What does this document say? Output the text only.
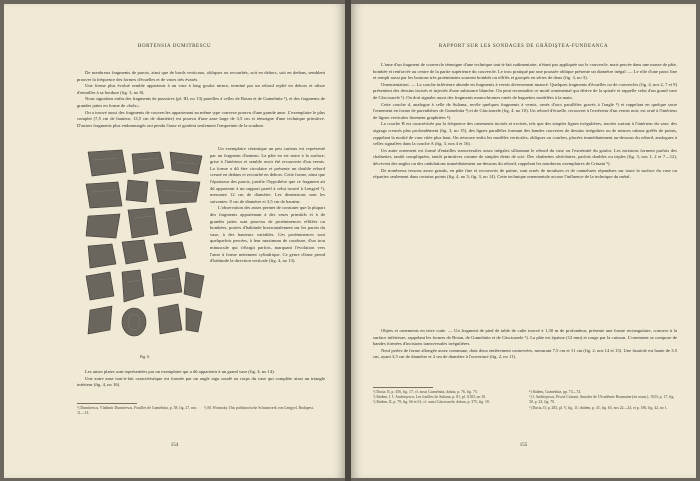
HORTENSIA DUMITRESCU

De nombreux fragments de parois, ainsi que de bords verticaux, obliques ou recourbés, soit en dehors, soit en dedans, semblent prouver la fréquence des formes d'écuelles et de vases très évasés.

Une forme plus évolué semble appartenir à un vase à long goulot mince, terminé par un rebord replié en dehors et ulisse d'entailles à sa bordure (fig. 3, no 8).

Nous signalons enfin des fragments de passoires (pl. III, no 13) pareilles à celles de Botan et de Gumelnita ¹), et des fragments de grandes jattes en forme de «bols».

On a trouvé aussi des fragments de couvercles appartenant au même type convexe pourvu d'une grande anse. L'exemplaire le plus complet (7,5 cm de hauteur, 13,5 cm de diamètre) est pourvu d'une anse large de 3,5 cm et témoigne d'une technique primitive. D'autres fragments plus endommagés ont pendu l'anse et gardent seulement l'empreinte de la soudure.

Fig. 6.

Un exemplaire céramique un peu curieux est représenté par un fragment d'anneau. La pâte en est noire à la surface, grise à l'intérieur et semble avoir été recouverte d'un vernis. La forme a dû être circulaire et présente un double rebord creusé en dedans et recourbé en dehors. Cette forme, ainsi que l'épaisseur des parois, justifie l'hypothèse que ce fragment ait dû appartenir à un support pareil à celui trouvé à Lengyel ²), mesurant 12 cm de diamètre. Les dimensions sont les suivantes: 8 cm de diamètre et 3,5 cm de hauteur.

L'observation des anses permet de constater que la plupart des fragments appartenant à des vases primitifs et à de grandes jattes sont pourvus de proéminences effilées ou bombées, posées d'habitude horizontalement sur les parois du vase, à des hauteurs variables. Ces proéminences sont quelquefois percées, à leur maximum de courbure, d'un trou minuscule qui s'élargit parfois, marquant l'évolution vers l'anse à forme nettement cylindrique. Ce genre d'anse prend d'habitude la direction verticale (fig. 4, no 13).

Les anses plates sont représentées par un exemplaire qui a dû appartenir à un grand vase (fig. 4, no 14).

Une autre anse tout-à-fait caractéristique est formée par un angle aigu soudé au corps du vase qui complète ainsi un triangle intérieur (fig. 4, no 16).

¹) Dumitrescu, Vladimir Dumitrescu, Fouilles de Gumelnita, p. 58, fig. 27, nos 11—13.
²) M. Wosinsky, Das prähistorische Schanzwerk von Lengyel, Budapest.
154
RAPPORT SUR LES SONDAGES DE GRĂDIŞTEA-FUNDEANCA

L'anse d'un fragment de couvercle témoigne d'une technique tout-à-fait rudimentaire, n'étant pas appliquée sur le couvercle, mais percée dans une masse de pâte, bombée et renforcée au centre de la partie supérieure du couvercle. Le trou pratiqué par une poussée oblique présente un diamètre inégal. — Le rôle d'une paroi fine et rempli aussi par les boutons très proéminents souvent bombés ou effilés et groupés en séries de deux (fig. 3, no 3).

Ornementation. — La couche inférieure abonde en fragments à vernis diversement nuancé. Quelques fragments d'écuelles ou de couvercles (fig. 4, nos 2, 7 et 9) présentent des dessins incisés et injectés d'une substance blanche. On peut reconnaître ce motif ornemental qui dérive de la spirale et rappelle celui d'un grand vase de Căscioarele ¹). On doit signaler aussi des fragments monochromes ornés de baguettes modelées à la main.

Cette couche d, analogue à celle de Sultana, recèle quelques fragments à vernis, ornés d'arcs parallèles gravés à l'ongle ²) et rappelant en quelque sorte l'ornement en forme de parenthèses de Gumelnita ³) et de Căscioarele (fig. 4, no 10). Un rebord d'écuelle, recouvert à l'extérieur d'un vernis noir, est orné à l'intérieur de lignes verticales finement graphitées ⁴).

La couche B est caractérisée par la fréquence des ornements incisés et excisés, tels que des simples lignes irrégulières, tracées surtout à l'intérieur du vase, des zigzags creusés plus profondément (fig. 3, no 15), des lignes parallèles formant des bandes couvertes de dessins irréguliers ou de minces rubans gréfés de points, rappelant la moitié de vase citée plus haut. On retrouve enfin les modèles verticales, obliques ou courbes, placées immédiatement au-dessous du rebord, analogues à celles signalées dans la couche A (fig. 3, nos 4 et 16).

Un autre ornement est formé d'entailles transversales assez inégales sillonnant le rebord du vase ou l'extrémité du goulot. Les incisions forment parfois des chaînettes, tantôt compliquées, tantôt primitives comme de simples dents de scie. Des chaînettes alvéolaires, parfois doubles ou triples (fig. 3, nos 1, 2 et 7—12), décrivent des angles ou des ondulations immédiatement au-dessous du rebord, rappelant les nombreux exemplaires de Crăsani ⁵).

De nombreux tessons assez grands, en pâte fine et recouverts de patine, sont ornés de moulures et de cannelures répandues sur toute la surface du vase ou réparties seulement dans certains points (fig. 4, no 3; fig. 3, no 14). Cette technique ornementale accuse l'influence de la technique du métal.

Objets et ornements en terre cuite. — Un fragment de pied de table de culte trouvé à 1,30 m de profondeur, présente une forme rectangulaire, concave à la surface inférieure, rappelant les formes de Botan, de Gumelnita et de Căscioarele ⁶). La pâte est épaisse (12 mm) et rouge par la cuisson. L'ornement se compose de bandes formées d'incisions transversales irrégulières.

Neuf perles de forme allongée assez commune, dont deux entièrement conservées, mesurant 7,5 cm et 11 cm (fig. 2, nos 14 et 15). Une fusaïole est haute de 3,5 cm, ayant 3,5 cm de diamètre et 2 cm de diamètre à l'ouverture (fig. 2, no 11).

¹) Dacia, II, p. 456, fig. 17; cf. aussi Gumelnita, dahon, p. 76, fig. 73.
²) Ibidem, I. I. Andrieşescu, Les fouilles de Sultana, p. 81, pl. XXII, no 10.
³) Ibidem, II, p. 79, fig. 60 et 61; cf. aussi Căscioarele, dahon, p. 375, fig. 18.
⁴) Ibidem, Gumelnita, pp. 73—74.
⁵) I. Andrieşescu, Piscul Crăsani, Annales de l'Académie Roumaine (en roum.), 1923, p. 17, fig. 30, p. 23, fig. 70.
⁶) Dacia, II, p. 283, pl. V, fig. 11; ibidem, p. 41, fig. 63, nos 22—24, et p. 180, fig. 42, no 1.
155
